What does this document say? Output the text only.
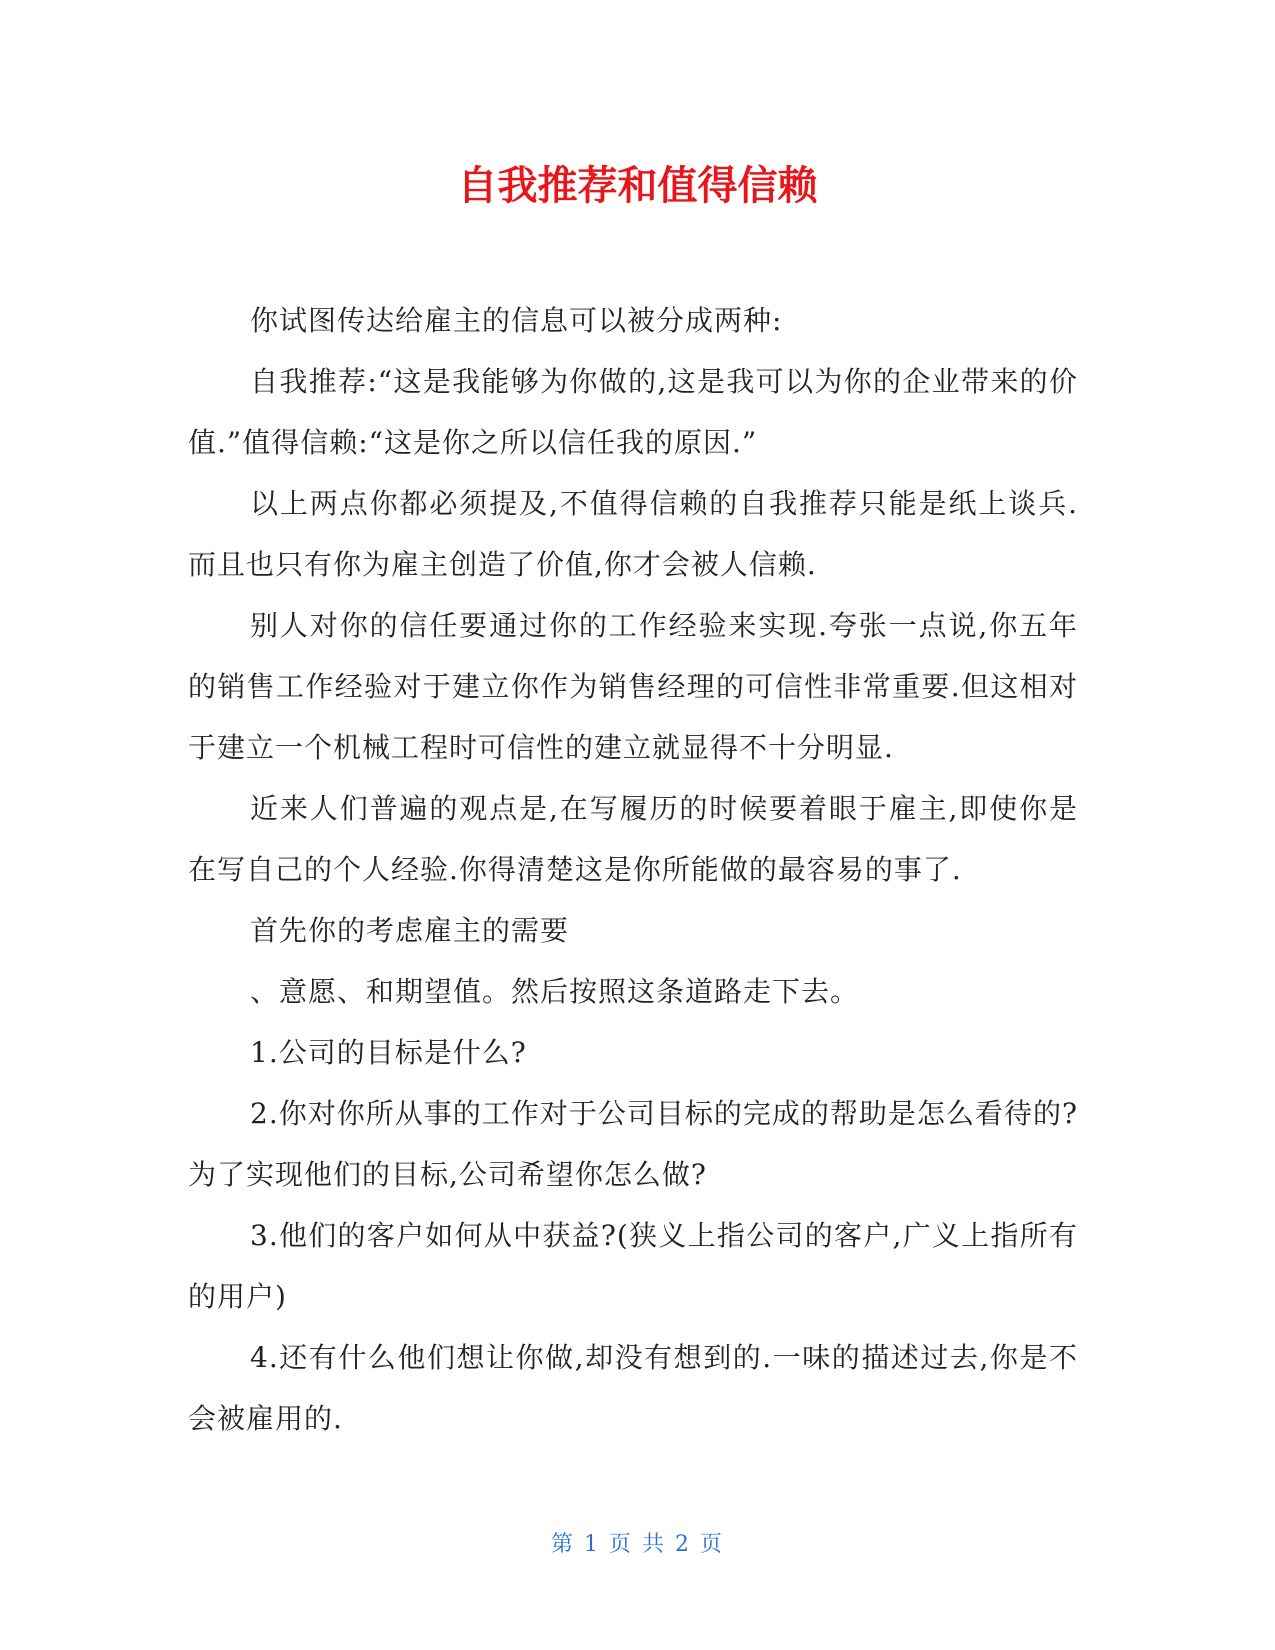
自我推荐和值得信赖

你试图传达给雇主的信息可以被分成两种:

自我推荐:“这是我能够为你做的,这是我可以为你的企业带来的价值.”值得信赖:“这是你之所以信任我的原因.”

以上两点你都必须提及,不值得信赖的自我推荐只能是纸上谈兵.而且也只有你为雇主创造了价值,你才会被人信赖.

别人对你的信任要通过你的工作经验来实现.夸张一点说,你五年的销售工作经验对于建立你作为销售经理的可信性非常重要.但这相对于建立一个机械工程时可信性的建立就显得不十分明显.

近来人们普遍的观点是,在写履历的时候要着眼于雇主,即使你是在写自己的个人经验.你得清楚这是你所能做的最容易的事了.

首先你的考虑雇主的需要

、意愿、和期望值。然后按照这条道路走下去。

1.公司的目标是什么?

2.你对你所从事的工作对于公司目标的完成的帮助是怎么看待的?为了实现他们的目标,公司希望你怎么做?

3.他们的客户如何从中获益?(狭义上指公司的客户,广义上指所有的用户)

4.还有什么他们想让你做,却没有想到的.一味的描述过去,你是不会被雇用的.

第 1 页 共 2 页
